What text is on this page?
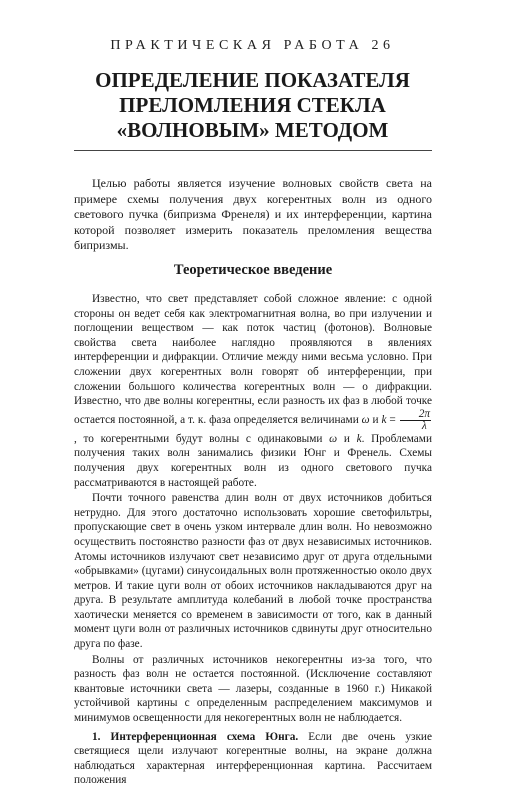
ПРАКТИЧЕСКАЯ РАБОТА 26
ОПРЕДЕЛЕНИЕ ПОКАЗАТЕЛЯ
ПРЕЛОМЛЕНИЯ СТЕКЛА
«ВОЛНОВЫМ» МЕТОДОМ

Целью работы является изучение волновых свойств света на примере схемы получения двух когерентных волн из одного светового пучка (бипризма Френеля) и их интерференции, картина которой позволяет измерить показатель преломления вещества бипризмы.

Теоретическое введение

Известно, что свет представляет собой сложное явление: с одной стороны он ведет себя как электромагнитная волна, во при излучении и поглощении веществом — как поток частиц (фотонов). Волновые свойства света наиболее наглядно проявляются в явлениях интерференции и дифракции. Отличие между ними весьма условно. При сложении двух когерентных волн говорят об интерференции, при сложении большого количества когерентных волн — о дифракции. Известно, что две волны когерентны, если разность их фаз в любой точке остается постоянной, а т. к. фаза определяется величинами ω и $k = \frac{2\pi}{\lambda}$
, то когерентными будут волны с одинаковыми ω и k. Проблемами получения таких волн занимались физики Юнг и Френель. Схемы получения двух когерентных волн из одного светового пучка рассматриваются в настоящей работе.

Почти точного равенства длин волн от двух источников добиться нетрудно. Для этого достаточно использовать хорошие светофильтры, пропускающие свет в очень узком интервале длин волн. Но невозможно осуществить постоянство разности фаз от двух независимых источников. Атомы источников излучают свет независимо друг от друга отдельными «обрывками» (цугами) синусоидальных волн протяженностью около двух метров. И такие цуги волн от обоих источников накладываются друг на друга. В результате амплитуда колебаний в любой точке пространства хаотически меняется со временем в зависимости от того, как в данный момент цуги волн от различных источников сдвинуты друг относительно друга по фазе.

Волны от различных источников некогерентны из-за того, что разность фаз волн не остается постоянной. (Исключение составляют квантовые источники света — лазеры, созданные в 1960 г.) Никакой устойчивой картины с определенным распределением максимумов и минимумов освещенности для некогерентных волн не наблюдается.

1. Интерференционная схема Юнга. Если две очень узкие светящиеся щели излучают когерентные волны, на экране должна наблюдаться характерная интерференционная картина. Рассчитаем положения
